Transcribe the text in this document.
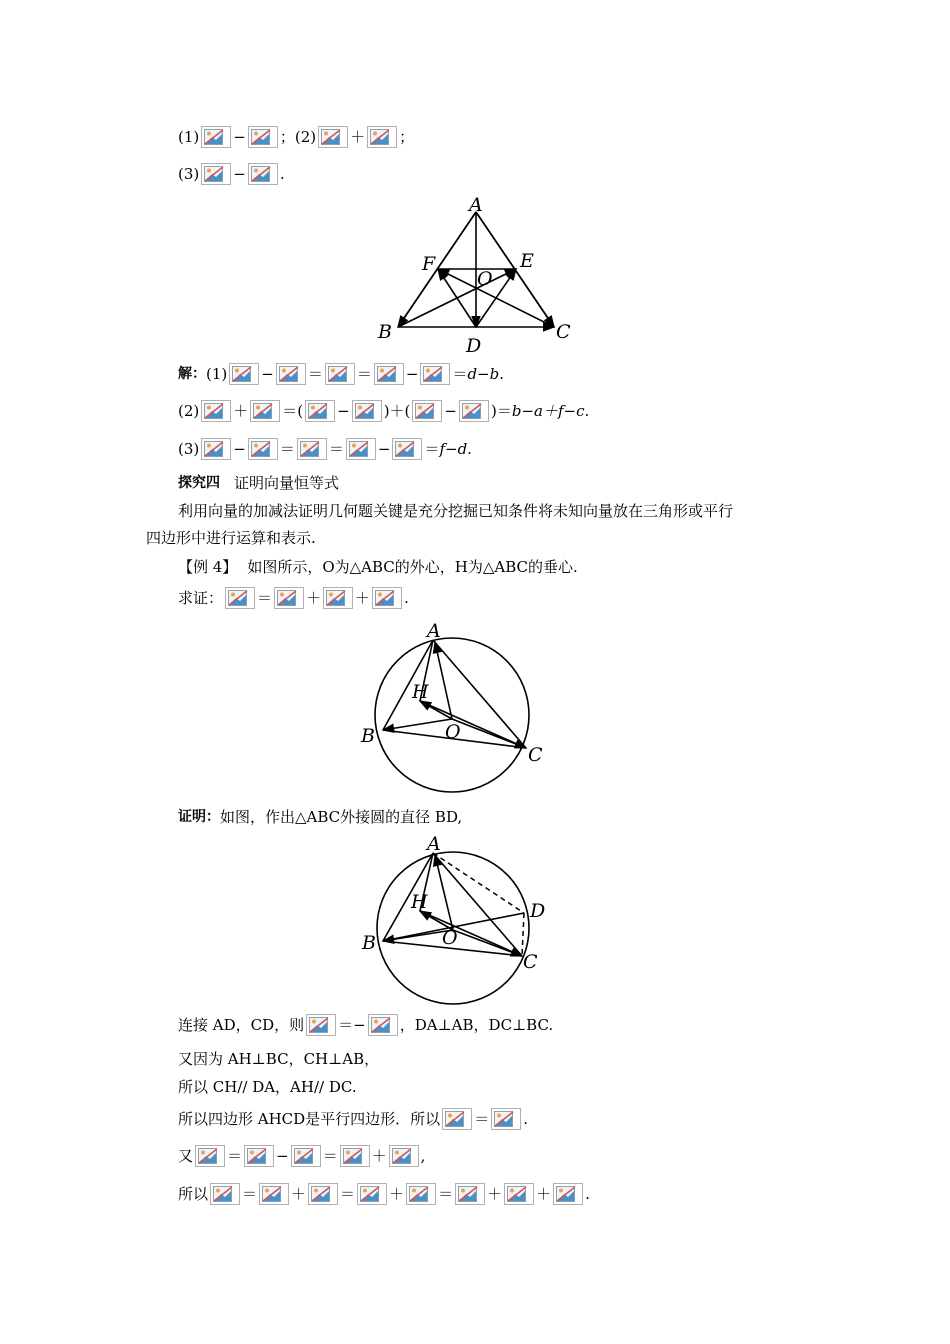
(1) − ； (2) ＋ ；
(3) − .
A
F	E
O
B	C
D
解： (1) − ＝ ＝ − ＝ d−b.
(2) ＋ ＝( − )＋( − )＝ b−a＋f−c.
(3) − ＝ ＝ − ＝ f−d.
探究四 证明向量恒等式
利用向量的加减法证明几何题关键是充分挖掘已知条件将未知向量放在三角形或平行
四边形中进行运算和表示.
【例 4】 如图所示，O为△ABC的外心，H为△ABC的垂心.
求证： ＝ ＋ ＋ .
A
H
O
B
C
证明： 如图，作出△ABC外接圆的直径 BD,
A
H
O
B
C
D
连接 AD，CD，则 ＝− ，DA⊥AB，DC⊥BC.
又因为 AH⊥BC，CH⊥AB，
所以 CH// DA，AH// DC.
所以四边形 AHCD是平行四边形．所以 ＝ .
又 ＝ − ＝ ＋ ,
所以 ＝ ＋ ＝ ＋ ＝ ＋ ＋ .
